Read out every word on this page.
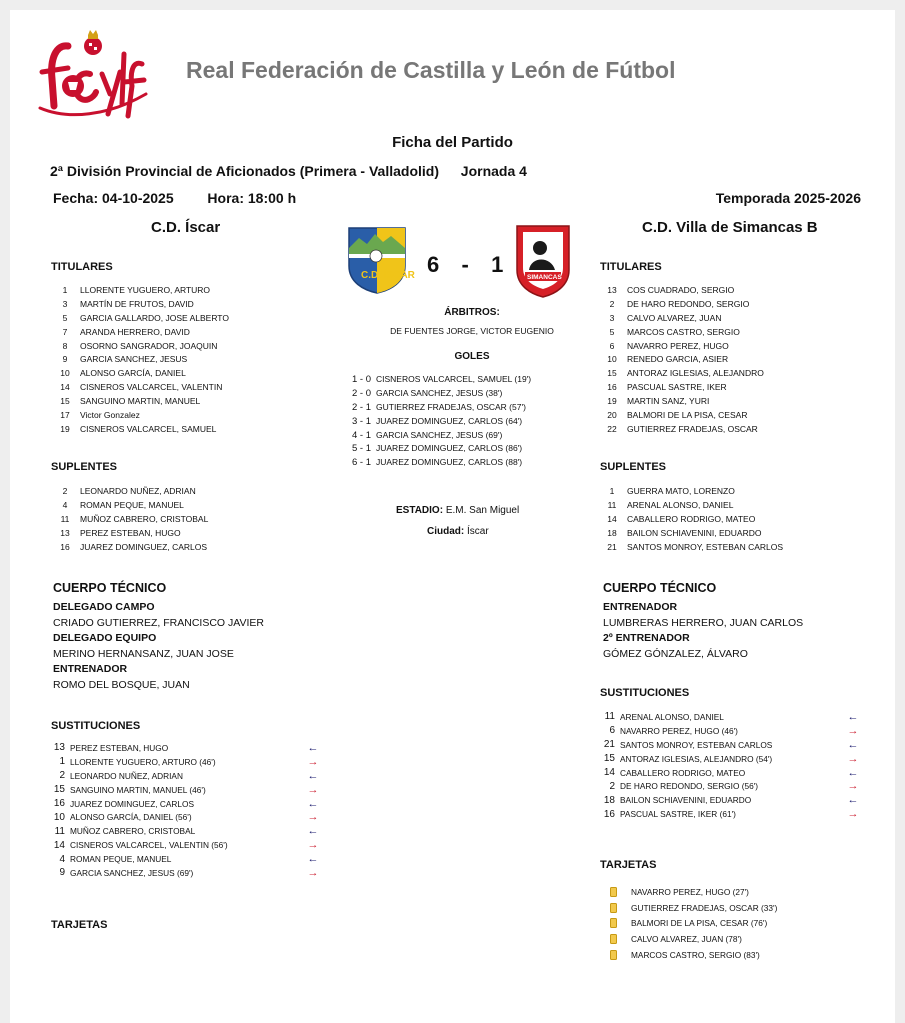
Real Federación de Castilla y León de Fútbol
Ficha del Partido
2ª División Provincial de Aficionados (Primera - Valladolid) Jornada 4
Fecha: 04-10-2025 Hora: 18:00 h	Temporada 2025-2026
C.D. Íscar	C.D. Villa de Simancas B
C.D. ÍSCAR 6 - 1
SIMANCAS
TITULARES
1	LLORENTE YUGUERO, ARTURO
3	MARTÍN DE FRUTOS, DAVID
5	GARCIA GALLARDO, JOSE ALBERTO
7	ARANDA HERRERO, DAVID
8	OSORNO SANGRADOR, JOAQUIN
9	GARCIA SANCHEZ, JESUS
10	ALONSO GARCÍA, DANIEL
14	CISNEROS VALCARCEL, VALENTIN
15	SANGUINO MARTIN, MANUEL
17	Victor Gonzalez
19	CISNEROS VALCARCEL, SAMUEL
SUPLENTES
2	LEONARDO NUÑEZ, ADRIAN
4	ROMAN PEQUE, MANUEL
11	MUÑOZ CABRERO, CRISTOBAL
13	PEREZ ESTEBAN, HUGO
16	JUAREZ DOMINGUEZ, CARLOS
TITULARES
13	COS CUADRADO, SERGIO
2	DE HARO REDONDO, SERGIO
3	CALVO ALVAREZ, JUAN
5	MARCOS CASTRO, SERGIO
6	NAVARRO PEREZ, HUGO
10	RENEDO GARCIA, ASIER
15	ANTORAZ IGLESIAS, ALEJANDRO
16	PASCUAL SASTRE, IKER
19	MARTIN SANZ, YURI
20	BALMORI DE LA PISA, CESAR
22	GUTIERREZ FRADEJAS, OSCAR
SUPLENTES
1	GUERRA MATO, LORENZO
11	ARENAL ALONSO, DANIEL
14	CABALLERO RODRIGO, MATEO
18	BAILON SCHIAVENINI, EDUARDO
21	SANTOS MONROY, ESTEBAN CARLOS
ÁRBITROS:
DE FUENTES JORGE, VICTOR EUGENIO
GOLES
1 - 0 CISNEROS VALCARCEL, SAMUEL (19')
2 - 0 GARCIA SANCHEZ, JESUS (38')
2 - 1 GUTIERREZ FRADEJAS, OSCAR (57')
3 - 1 JUAREZ DOMINGUEZ, CARLOS (64')
4 - 1 GARCIA SANCHEZ, JESUS (69')
5 - 1 JUAREZ DOMINGUEZ, CARLOS (86')
6 - 1 JUAREZ DOMINGUEZ, CARLOS (88')
ESTADIO: E.M. San Miguel
Ciudad: Íscar
CUERPO TÉCNICO
DELEGADO CAMPO
CRIADO GUTIERREZ, FRANCISCO JAVIER
DELEGADO EQUIPO
MERINO HERNANSANZ, JUAN JOSE
ENTRENADOR
ROMO DEL BOSQUE, JUAN
CUERPO TÉCNICO
ENTRENADOR
LUMBRERAS HERRERO, JUAN CARLOS
2º ENTRENADOR
GÓMEZ GÓNZALEZ, ÁLVARO
SUSTITUCIONES
13 PEREZ ESTEBAN, HUGO	←
1 LLORENTE YUGUERO, ARTURO (46')	→
2 LEONARDO NUÑEZ, ADRIAN	←
15 SANGUINO MARTIN, MANUEL (46')	→
16 JUAREZ DOMINGUEZ, CARLOS	←
10 ALONSO GARCÍA, DANIEL (56')	→
11 MUÑOZ CABRERO, CRISTOBAL	←
14 CISNEROS VALCARCEL, VALENTIN (56')	→
4 ROMAN PEQUE, MANUEL	←
9 GARCIA SANCHEZ, JESUS (69')	→
SUSTITUCIONES
11 ARENAL ALONSO, DANIEL	←
6 NAVARRO PEREZ, HUGO (46')	→
21 SANTOS MONROY, ESTEBAN CARLOS	←
15 ANTORAZ IGLESIAS, ALEJANDRO (54')	→
14 CABALLERO RODRIGO, MATEO	←
2 DE HARO REDONDO, SERGIO (56')	→
18 BAILON SCHIAVENINI, EDUARDO	←
16 PASCUAL SASTRE, IKER (61')	→
TARJETAS
TARJETAS
NAVARRO PEREZ, HUGO (27')
GUTIERREZ FRADEJAS, OSCAR (33')
BALMORI DE LA PISA, CESAR (76')
CALVO ALVAREZ, JUAN (78')
MARCOS CASTRO, SERGIO (83')
